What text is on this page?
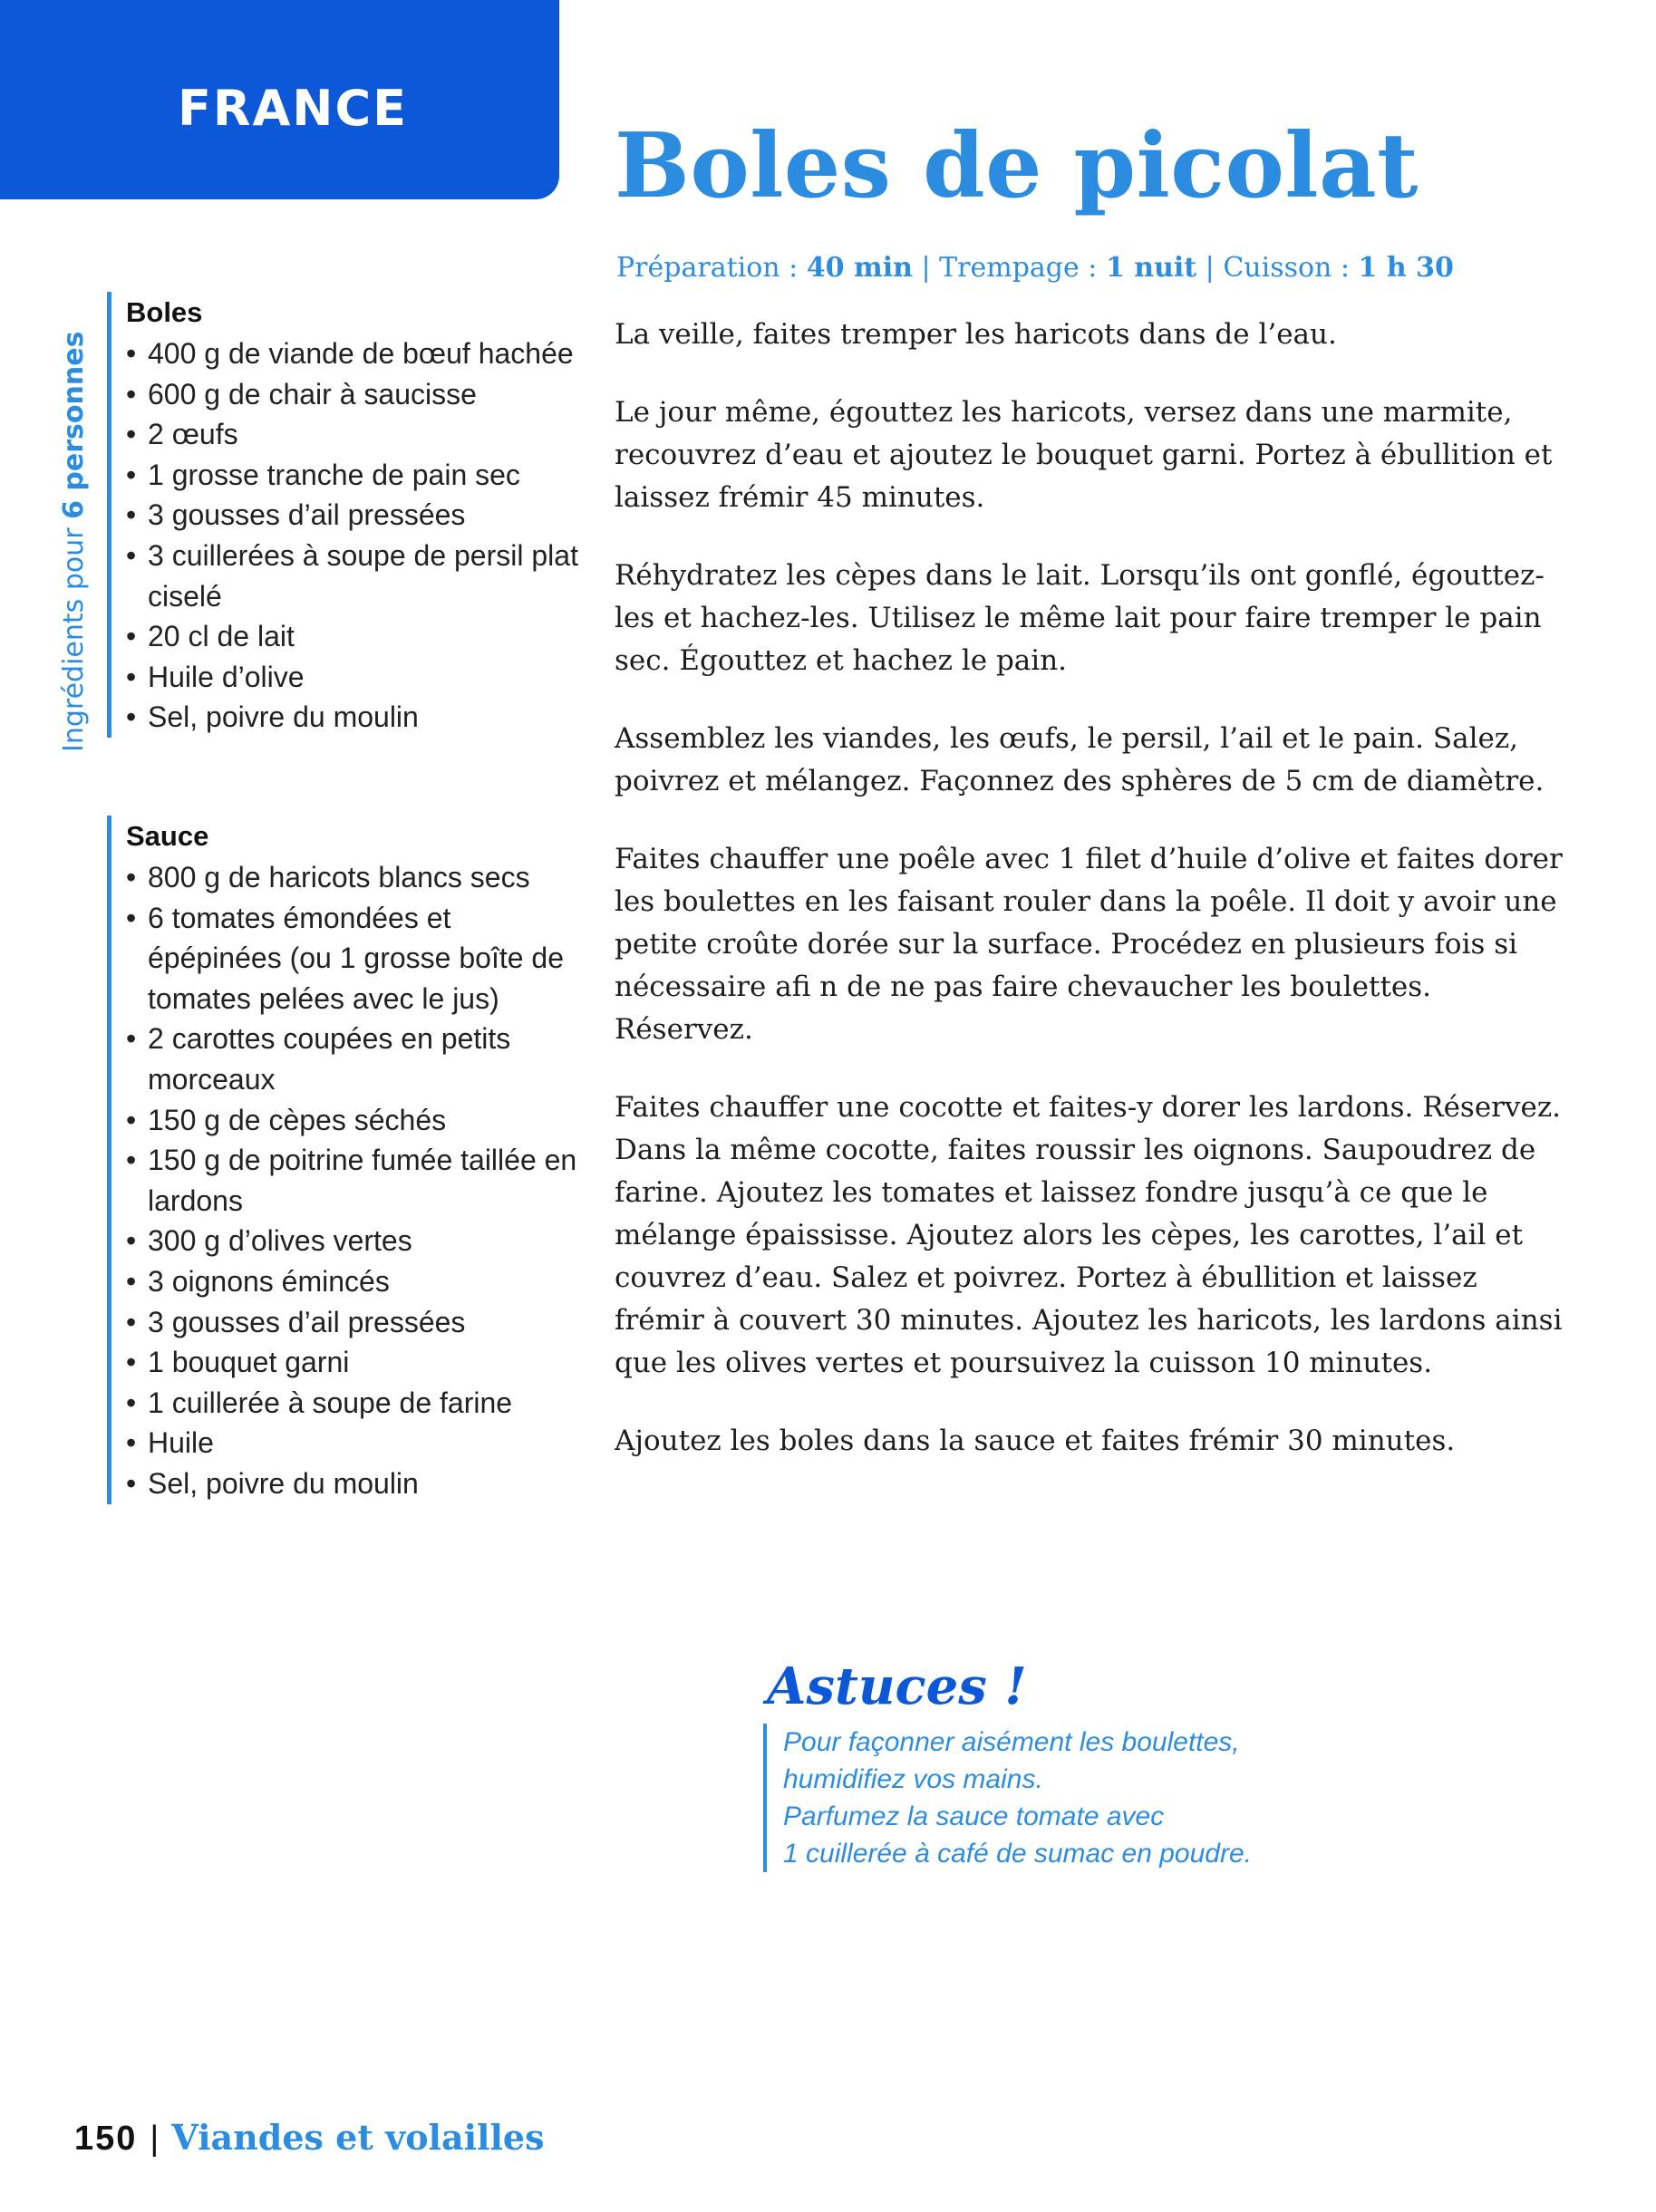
FRANCE
Boles de picolat
Préparation : 40 min | Trempage : 1 nuit | Cuisson : 1 h 30
Ingrédients pour 6 personnes
Boles
• 400 g de viande de bœuf hachée
• 600 g de chair à saucisse
• 2 œufs
• 1 grosse tranche de pain sec
• 3 gousses d’ail pressées
• 3 cuillerées à soupe de persil plat ciselé
• 20 cl de lait
• Huile d’olive
• Sel, poivre du moulin
Sauce
• 800 g de haricots blancs secs
• 6 tomates émondées et épépinées (ou 1 grosse boîte de tomates pelées avec le jus)
• 2 carottes coupées en petits morceaux
• 150 g de cèpes séchés
• 150 g de poitrine fumée taillée en lardons
• 300 g d’olives vertes
• 3 oignons émincés
• 3 gousses d’ail pressées
• 1 bouquet garni
• 1 cuillerée à soupe de farine
• Huile
• Sel, poivre du moulin

La veille, faites tremper les haricots dans de l’eau.

Le jour même, égouttez les haricots, versez dans une marmite, recouvrez d’eau et ajoutez le bouquet garni. Portez à ébullition et laissez frémir 45 minutes.

Réhydratez les cèpes dans le lait. Lorsqu’ils ont gonflé, égouttez-les et hachez-les. Utilisez le même lait pour faire tremper le pain sec. Égouttez et hachez le pain.

Assemblez les viandes, les œufs, le persil, l’ail et le pain. Salez, poivrez et mélangez. Façonnez des sphères de 5 cm de diamètre.

Faites chauffer une poêle avec 1 filet d’huile d’olive et faites dorer les boulettes en les faisant rouler dans la poêle. Il doit y avoir une petite croûte dorée sur la surface. Procédez en plusieurs fois si nécessaire afi n de ne pas faire chevaucher les boulettes. Réservez.

Faites chauffer une cocotte et faites-y dorer les lardons. Réservez. Dans la même cocotte, faites roussir les oignons. Saupoudrez de farine. Ajoutez les tomates et laissez fondre jusqu’à ce que le mélange épaississe. Ajoutez alors les cèpes, les carottes, l’ail et couvrez d’eau. Salez et poivrez. Portez à ébullition et laissez frémir à couvert 30 minutes. Ajoutez les haricots, les lardons ainsi que les olives vertes et poursuivez la cuisson 10 minutes.

Ajoutez les boles dans la sauce et faites frémir 30 minutes.

Astuces !
Pour façonner aisément les boulettes,
humidifiez vos mains.
Parfumez la sauce tomate avec
1 cuillerée à café de sumac en poudre.
150 | Viandes et volailles
